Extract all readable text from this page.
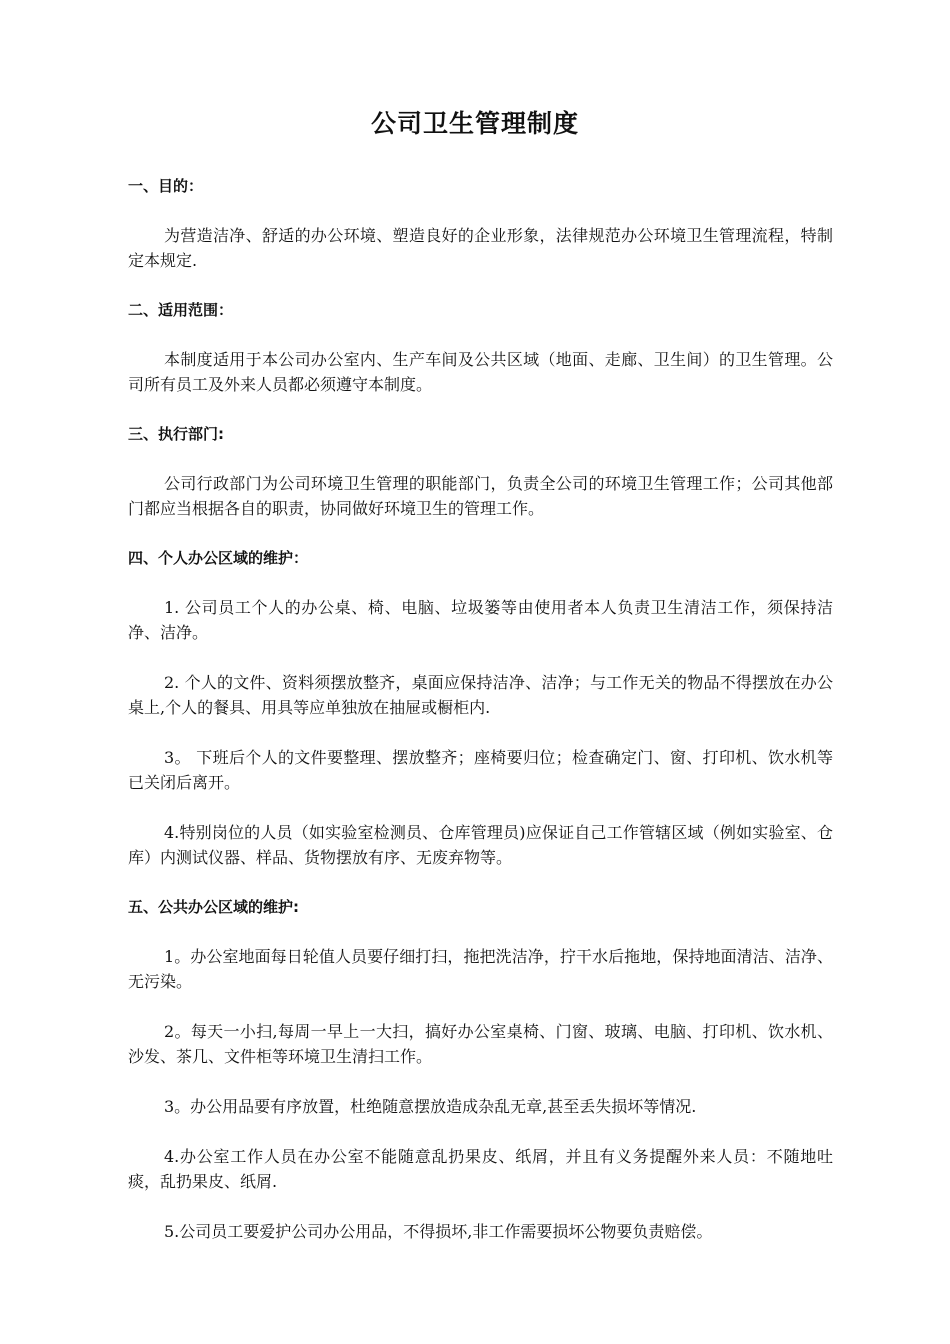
公司卫生管理制度
一、目的：

为营造洁净、舒适的办公环境、塑造良好的企业形象，法律规范办公环境卫生管理流程，特制定本规定.

二、适用范围：

本制度适用于本公司办公室内、生产车间及公共区域（地面、走廊、卫生间）的卫生管理。公司所有员工及外来人员都必须遵守本制度。

三、执行部门:

公司行政部门为公司环境卫生管理的职能部门，负责全公司的环境卫生管理工作；公司其他部门都应当根据各自的职责，协同做好环境卫生的管理工作。

四、个人办公区域的维护：

1. 公司员工个人的办公桌、椅、电脑、垃圾篓等由使用者本人负责卫生清洁工作，须保持洁净、洁净。

2. 个人的文件、资料须摆放整齐，桌面应保持洁净、洁净；与工作无关的物品不得摆放在办公桌上,个人的餐具、用具等应单独放在抽屉或橱柜内.

3。 下班后个人的文件要整理、摆放整齐；座椅要归位；检查确定门、窗、打印机、饮水机等已关闭后离开。

4.特别岗位的人员（如实验室检测员、仓库管理员)应保证自己工作管辖区域（例如实验室、仓库）内测试仪器、样品、货物摆放有序、无废弃物等。

五、公共办公区域的维护:

1。办公室地面每日轮值人员要仔细打扫，拖把洗洁净，拧干水后拖地，保持地面清洁、洁净、无污染。

2。每天一小扫,每周一早上一大扫，搞好办公室桌椅、门窗、玻璃、电脑、打印机、饮水机、沙发、茶几、文件柜等环境卫生清扫工作。

3。办公用品要有序放置，杜绝随意摆放造成杂乱无章,甚至丢失损坏等情况.

4.办公室工作人员在办公室不能随意乱扔果皮、纸屑，并且有义务提醒外来人员：不随地吐痰，乱扔果皮、纸屑.

5.公司员工要爱护公司办公用品，不得损坏,非工作需要损坏公物要负责赔偿。
